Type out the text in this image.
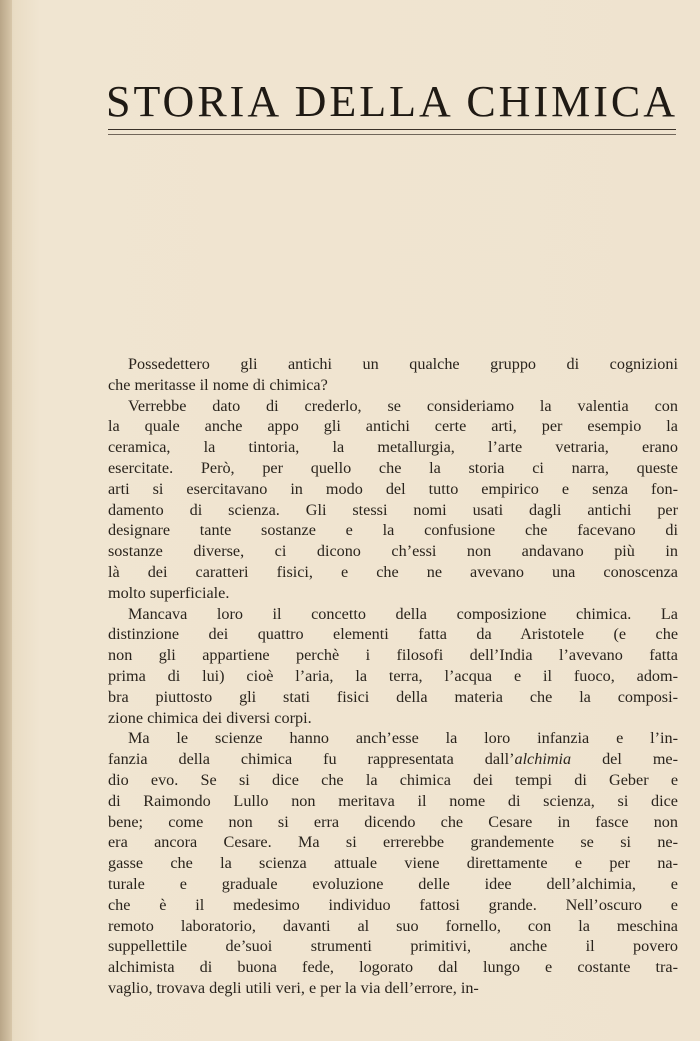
STORIA DELLA CHIMICA
Possedettero gli antichi un qualche gruppo di cognizioni
che meritasse il nome di chimica?
Verrebbe dato di crederlo, se consideriamo la valentia con
la quale anche appo gli antichi certe arti, per esempio la
ceramica, la tintoria, la metallurgia, l’arte vetraria, erano
esercitate. Però, per quello che la storia ci narra, queste
arti si esercitavano in modo del tutto empirico e senza fon-
damento di scienza. Gli stessi nomi usati dagli antichi per
designare tante sostanze e la confusione che facevano di
sostanze diverse, ci dicono ch’essi non andavano più in
là dei caratteri fisici, e che ne avevano una conoscenza
molto superficiale.
Mancava loro il concetto della composizione chimica. La
distinzione dei quattro elementi fatta da Aristotele (e che
non gli appartiene perchè i filosofi dell’India l’avevano fatta
prima di lui) cioè l’aria, la terra, l’acqua e il fuoco, adom-
bra piuttosto gli stati fisici della materia che la composi-
zione chimica dei diversi corpi.
Ma le scienze hanno anch’esse la loro infanzia e l’in-
fanzia della chimica fu rappresentata dall’alchimia del me-
dio evo. Se si dice che la chimica dei tempi di Geber e
di Raimondo Lullo non meritava il nome di scienza, si dice
bene; come non si erra dicendo che Cesare in fasce non
era ancora Cesare. Ma si errerebbe grandemente se si ne-
gasse che la scienza attuale viene direttamente e per na-
turale e graduale evoluzione delle idee dell’alchimia, e
che è il medesimo individuo fattosi grande. Nell’oscuro e
remoto laboratorio, davanti al suo fornello, con la meschina
suppellettile de’suoi strumenti primitivi, anche il povero
alchimista di buona fede, logorato dal lungo e costante tra-
vaglio, trovava degli utili veri, e per la via dell’errore, in-
